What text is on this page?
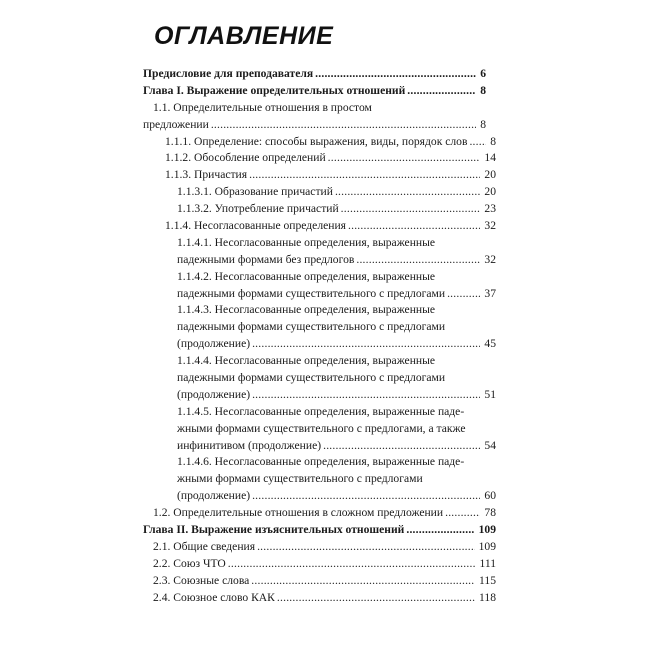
ОГЛАВЛЕНИЕ
Предисловие для преподавателя	6
.....
Глава I. Выражение определительных отношений	8
.....
1.1. Определительные отношения в простом
предложении	8
.....
1.1.1. Определение: способы выражения, виды, порядок слов 8
.....
1.1.2. Обособление определений	14
.....
1.1.3. Причастия	20
.....
1.1.3.1. Образование причастий	20
.....
1.1.3.2. Употребление причастий	23
.....
1.1.4. Несогласованные определения	32
.....
1.1.4.1. Несогласованные определения, выраженные
падежными формами без предлогов	32
.....
1.1.4.2. Несогласованные определения, выраженные
падежными формами существительного с предлогами	37
.....
1.1.4.3. Несогласованные определения, выраженные
падежными формами существительного с предлогами
(продолжение)	45
.....
1.1.4.4. Несогласованные определения, выраженные
падежными формами существительного с предлогами
(продолжение)	51
.....
1.1.4.5. Несогласованные определения, выраженные паде-
жными формами существительного с предлогами, а также
инфинитивом (продолжение)	54
.....
1.1.4.6. Несогласованные определения, выраженные паде-
жными формами существительного с предлогами
(продолжение)	60
.....
1.2. Определительные отношения в сложном предложении	78
.....
Глава II. Выражение изъяснительных отношений	109
.....
2.1. Общие сведения	109
.....
2.2. Союз ЧТО	111
.....
2.3. Союзные слова	115
.....
2.4. Союзное слово КАК	118
.....
